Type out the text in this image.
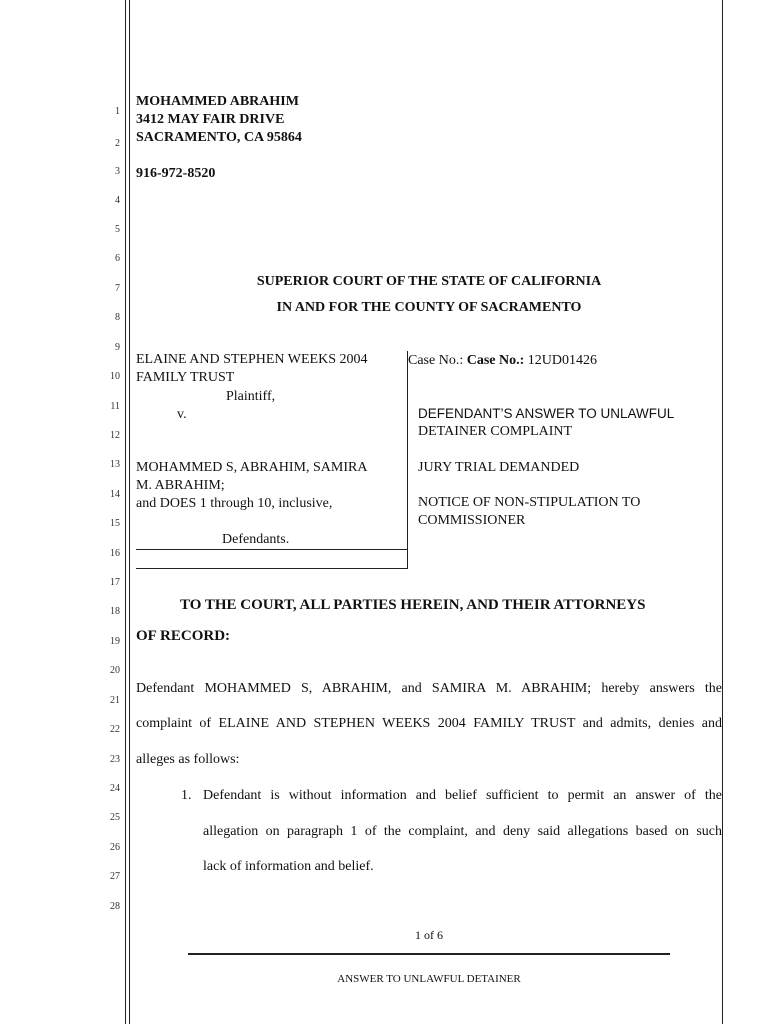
1
2
3
4
5
6
7
8
9
10
11
12
13
14
15
16
17
18
19
20
21
22
23
24
25
26
27
28
MOHAMMED ABRAHIM
3412 MAY FAIR DRIVE
SACRAMENTO, CA 95864
916-972-8520
SUPERIOR COURT OF THE STATE OF CALIFORNIA
IN AND FOR THE COUNTY OF SACRAMENTO
ELAINE AND STEPHEN WEEKS 2004
FAMILY TRUST
Plaintiff,
v.
MOHAMMED S, ABRAHIM, SAMIRA
M. ABRAHIM;
and DOES 1 through 10, inclusive,
Defendants.
Case No.: Case No.: 12UD01426
DEFENDANT’S ANSWER TO UNLAWFUL
DETAINER COMPLAINT
JURY TRIAL DEMANDED
NOTICE OF NON-STIPULATION TO
COMMISSIONER
TO THE COURT, ALL PARTIES HEREIN, AND THEIR ATTORNEYS
OF RECORD:
Defendant MOHAMMED S, ABRAHIM, and SAMIRA M. ABRAHIM; hereby answers the
complaint of ELAINE AND STEPHEN WEEKS 2004 FAMILY TRUST and admits, denies and
alleges as follows:
1. Defendant is without information and belief sufficient to permit an answer of the
allegation on paragraph 1 of the complaint, and deny said allegations based on such
lack of information and belief.
1 of 6
ANSWER TO UNLAWFUL DETAINER
